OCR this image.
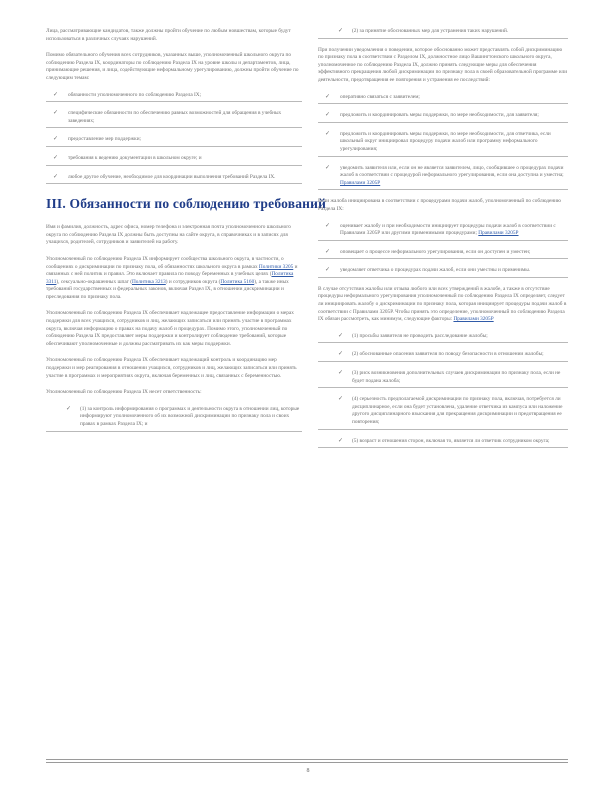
Лица, рассматривающие кандидатов, также должны пройти обучение по любым новшествам, которые будут использоваться в различных случаях нарушений.

Помимо обязательного обучения всех сотрудников, указанных выше, уполномоченный школьного округа по соблюдению Раздела IX, координаторы по соблюдению Раздела IX на уровне школы и департаментов, лица, принимающие решения, и лица, содействующие неформальному урегулированию, должны пройти обучение по следующим темам:

✓ обязанности уполномоченного по соблюдению Раздела IX;
✓ специфические обязанности по обеспечению равных возможностей для обращения в учебных заведениях;
✓ предоставление мер поддержки;
✓ требования к ведению документации в школьном округе; и
✓ любое другое обучение, необходимое для координации выполнения требований Раздела IX.
III. Обязанности по соблюдению требований

Имя и фамилия, должность, адрес офиса, номер телефона и электронная почта уполномоченного школьного округа по соблюдению Раздела IX должны быть доступны на сайте округа, в справочниках и в записях для учащихся, родителей, сотрудников и заявителей на работу.

Уполномоченный по соблюдению Раздела IX информирует сообщества школьного округа, в частности, о сообщениях о дискриминации по признаку пола, об обязанностях школьного округа в рамках Политики 3205 и связанных с ней политик и правил. Это включает правила по поводу беременных в учебных целях (Политика 3311), сексуально-окрашенных шпаг (Политика 3213) и сотрудников округа (Политика 5160), а также иных требований государственных и федеральных законов, включая Раздел IX, в отношении дискриминации и преследования по признаку пола.

Уполномоченный по соблюдению Раздела IX обеспечивает надлежащее предоставление информации о мерах поддержки для всех учащихся, сотрудников и лиц, желающих записаться или принять участие в программах округа, включая информацию о правах на подачу жалоб и процедурах. Помимо этого, уполномоченный по соблюдению Раздела IX предоставляет меры поддержки и контролирует соблюдение требований, которые обеспечивают уполномоченные и должны рассматривать их как меры поддержки.

Уполномоченный по соблюдению Раздела IX обеспечивает надлежащий контроль и координацию мер поддержки и мер реагирования в отношении учащихся, сотрудников и лиц, желающих записаться или принять участие в программах и мероприятиях округа, включая беременных и лиц, связанных с беременностью.

Уполномоченный по соблюдению Раздела IX несет ответственность:

✓ (1) за контроль информирования о программах и деятельности округа в отношении лиц, которые информируют уполномоченного об их возможной дискриминации по признаку пола и своих правах в рамках Раздела IX; и
✓ (2) за принятие обоснованных мер для устранения таких нарушений.

При получении уведомления о поведении, которое обоснованно может представлять собой дискриминацию по признаку пола в соответствии с Разделом IX, должностное лицо Вашингтонского школьного округа, уполномоченное по соблюдению Раздела IX, должно принять следующие меры для обеспечения эффективного прекращения любой дискриминации по признаку пола в своей образовательной программе или деятельности, предотвращения ее повторения и устранения ее последствий:

✓ оперативно связаться с заявителем;
✓ предложить и координировать меры поддержки, по мере необходимости, для заявителя;
✓ предложить и координировать меры поддержки, по мере необходимости, для ответчика, если школьный округ инициировал процедуру подачи жалоб или программу неформального урегулирования;
✓ уведомить заявителя или, если он не является заявителем, лицо, сообщившее о процедурах подачи жалоб в соответствии с процедурой неформального урегулирования, если она доступна и уместна; Правилами 3205Р

Если жалоба инициирована в соответствии с процедурами подачи жалоб, уполномоченный по соблюдению Раздела IX:

✓ оценивает жалобу и при необходимости инициирует процедуры подачи жалоб в соответствии с Правилами 3205Р или другими применимыми процедурами; Правилами 3205Р
✓ оповещает о процессе неформального урегулирования, если он доступен и уместен;
✓ уведомляет ответчика о процедурах подачи жалоб, если они уместны и применимы.

В случае отсутствия жалобы или отзыва любого или всех утверждений в жалобе, а также в отсутствие процедуры неформального урегулирования уполномоченный по соблюдению Раздела IX определяет, следует ли инициировать жалобу о дискриминации по признаку пола, которая инициирует процедуры подачи жалоб в соответствии с Правилами 3205Р. Чтобы принять это определение, уполномоченный по соблюдению Раздела IX обязан рассмотреть, как минимум, следующие факторы: Правилами 3205Р

✓ (1) просьбы заявителя не проводить расследование жалобы;
✓ (2) обоснованные опасения заявителя по поводу безопасности в отношении жалобы;
✓ (3) риск возникновения дополнительных случаев дискриминации по признаку пола, если не будет подана жалоба;
✓ (4) серьезность предполагаемой дискриминации по признаку пола, включая, потребуется ли дисциплинарное, если она будет установлена, удаление ответчика из кампуса или наложение другого дисциплинарного взыскания для прекращения дискриминации и предотвращения ее повторения;
✓ (5) возраст и отношения сторон, включая то, является ли ответчик сотрудником округа;
8
